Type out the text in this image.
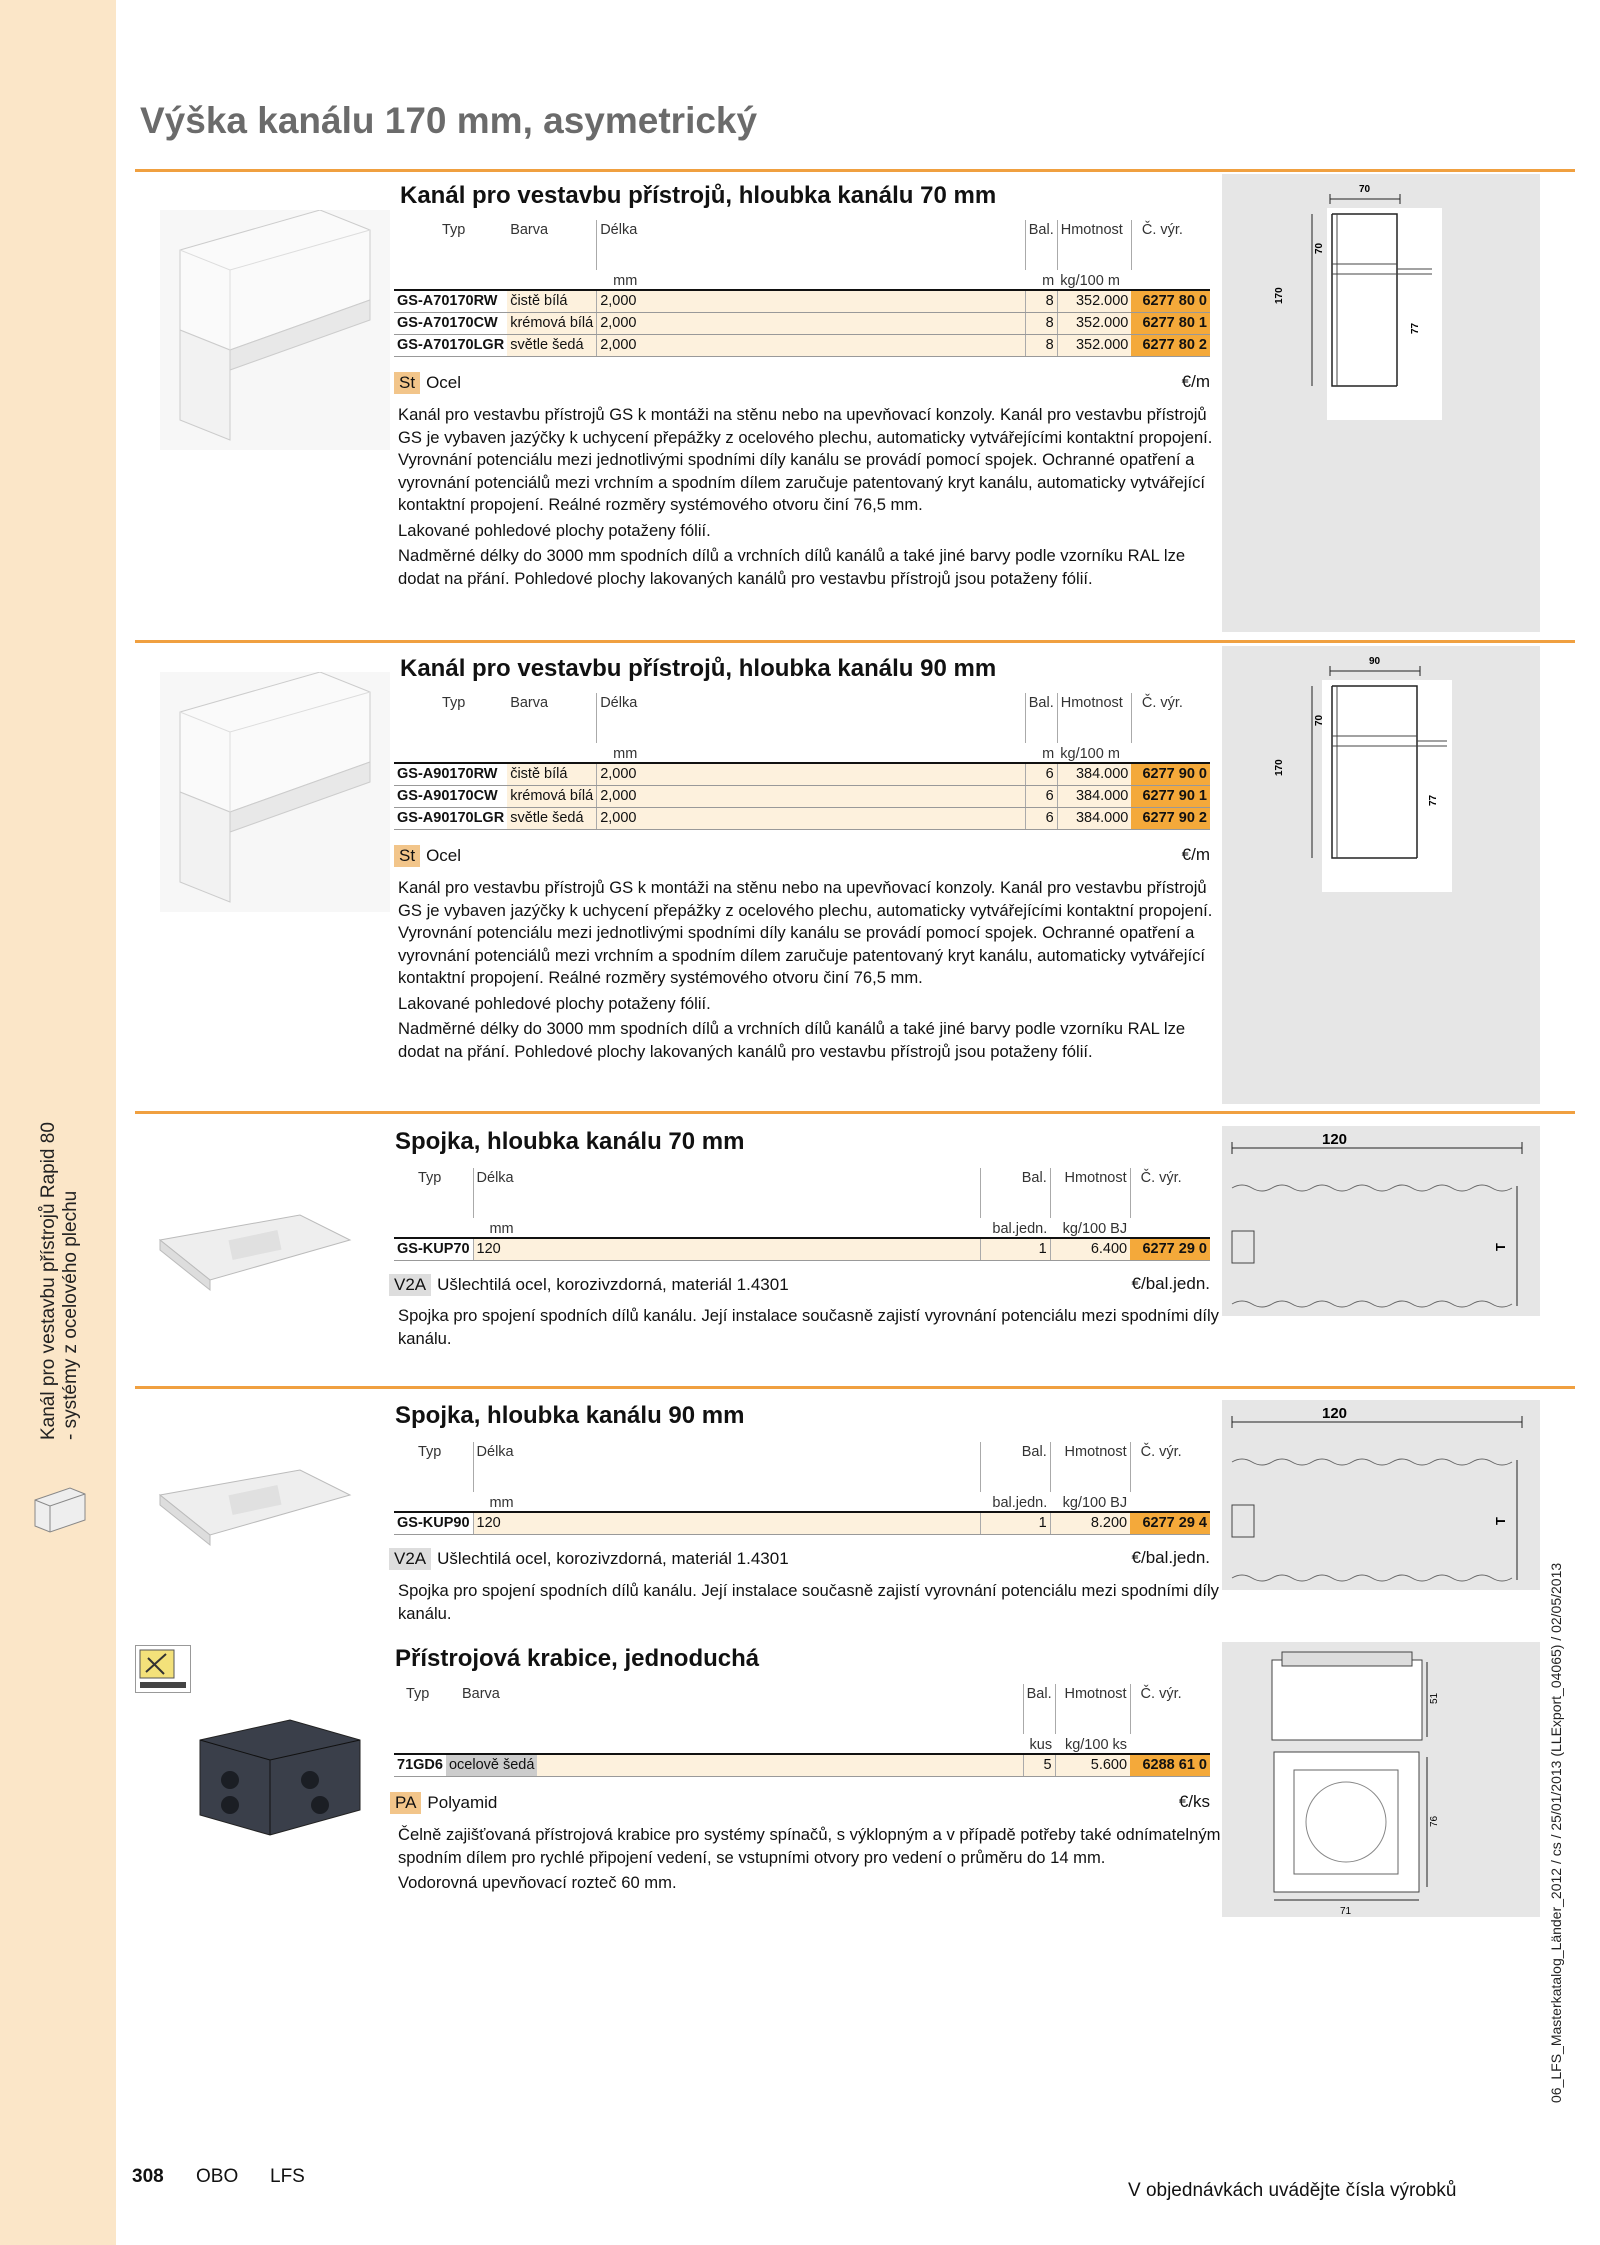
Kanál pro vestavbu přístrojů Rapid 80 - systémy z ocelového plechu
Výška kanálu 170 mm, asymetrický
Kanál pro vestavbu přístrojů, hloubka kanálu 70 mm
Typ	Barva	Délka		Bal.	Hmotnost	Č. výr.
		mm		m	kg/100 m	
GS-A70170RW	čistě bílá	2,000		8	352.000	6277 80 0
GS-A70170CW	krémová bílá	2,000		8	352.000	6277 80 1
GS-A70170LGR	světle šedá	2,000		8	352.000	6277 80 2
St Ocel	€/m

Kanál pro vestavbu přístrojů GS k montáži na stěnu nebo na upevňovací konzoly. Kanál pro vestavbu přístrojů GS je vybaven jazýčky k uchycení přepážky z ocelového plechu, automaticky vytvářejícími kontaktní propojení. Vyrovnání potenciálu mezi jednotlivými spodními díly kanálu se provádí pomocí spojek. Ochranné opatření a vyrovnání potenciálů mezi vrchním a spodním dílem zaručuje patentovaný kryt kanálu, automaticky vytvářející kontaktní propojení. Reálné rozměry systémového otvoru činí 76,5 mm.

Lakované pohledové plochy potaženy fólií.

Nadměrné délky do 3000 mm spodních dílů a vrchních dílů kanálů a také jiné barvy podle vzorníku RAL lze dodat na přání. Pohledové plochy lakovaných kanálů pro vestavbu přístrojů jsou potaženy fólií.

70
170
70
77
Kanál pro vestavbu přístrojů, hloubka kanálu 90 mm
Typ	Barva	Délka		Bal.	Hmotnost	Č. výr.
		mm		m	kg/100 m	
GS-A90170RW	čistě bílá	2,000		6	384.000	6277 90 0
GS-A90170CW	krémová bílá	2,000		6	384.000	6277 90 1
GS-A90170LGR	světle šedá	2,000		6	384.000	6277 90 2
St Ocel	€/m

Kanál pro vestavbu přístrojů GS k montáži na stěnu nebo na upevňovací konzoly. Kanál pro vestavbu přístrojů GS je vybaven jazýčky k uchycení přepážky z ocelového plechu, automaticky vytvářejícími kontaktní propojení. Vyrovnání potenciálu mezi jednotlivými spodními díly kanálu se provádí pomocí spojek. Ochranné opatření a vyrovnání potenciálů mezi vrchním a spodním dílem zaručuje patentovaný kryt kanálu, automaticky vytvářející kontaktní propojení. Reálné rozměry systémového otvoru činí 76,5 mm.

Lakované pohledové plochy potaženy fólií.

Nadměrné délky do 3000 mm spodních dílů a vrchních dílů kanálů a také jiné barvy podle vzorníku RAL lze dodat na přání. Pohledové plochy lakovaných kanálů pro vestavbu přístrojů jsou potaženy fólií.

90
170
70
77
Spojka, hloubka kanálu 70 mm
Typ	Délka		Bal.	Hmotnost	Č. výr.
	mm		bal.jedn.	kg/100 BJ	
GS-KUP70	120		1	6.400	6277 29 0
V2A Ušlechtilá ocel, korozivzdorná, materiál 1.4301	€/bal.jedn.

Spojka pro spojení spodních dílů kanálu. Její instalace současně zajistí vyrovnání potenciálu mezi spodními díly kanálu.

120
T
Spojka, hloubka kanálu 90 mm
Typ	Délka		Bal.	Hmotnost	Č. výr.
	mm		bal.jedn.	kg/100 BJ	
GS-KUP90	120		1	8.200	6277 29 4
V2A Ušlechtilá ocel, korozivzdorná, materiál 1.4301	€/bal.jedn.

Spojka pro spojení spodních dílů kanálu. Její instalace současně zajistí vyrovnání potenciálu mezi spodními díly kanálu.

120
T
Přístrojová krabice, jednoduchá
Typ	Barva		Bal.	Hmotnost	Č. výr.
			kus	kg/100 ks	
71GD6	ocelově šedá		5	5.600	6288 61 0
PA Polyamid	€/ks

Čelně zajišťovaná přístrojová krabice pro systémy spínačů, s výklopným a v případě potřeby také odnímatelným spodním dílem pro rychlé připojení vedení, se vstupními otvory pro vedení o průměru do 14 mm.

Vodorovná upevňovací rozteč 60 mm.

51
76
71
308 OBO LFS
V objednávkách uvádějte čísla výrobků
06_LFS_Masterkatalog_Länder_2012 / cs / 25/01/2013 (LLExport_04065) / 02/05/2013
